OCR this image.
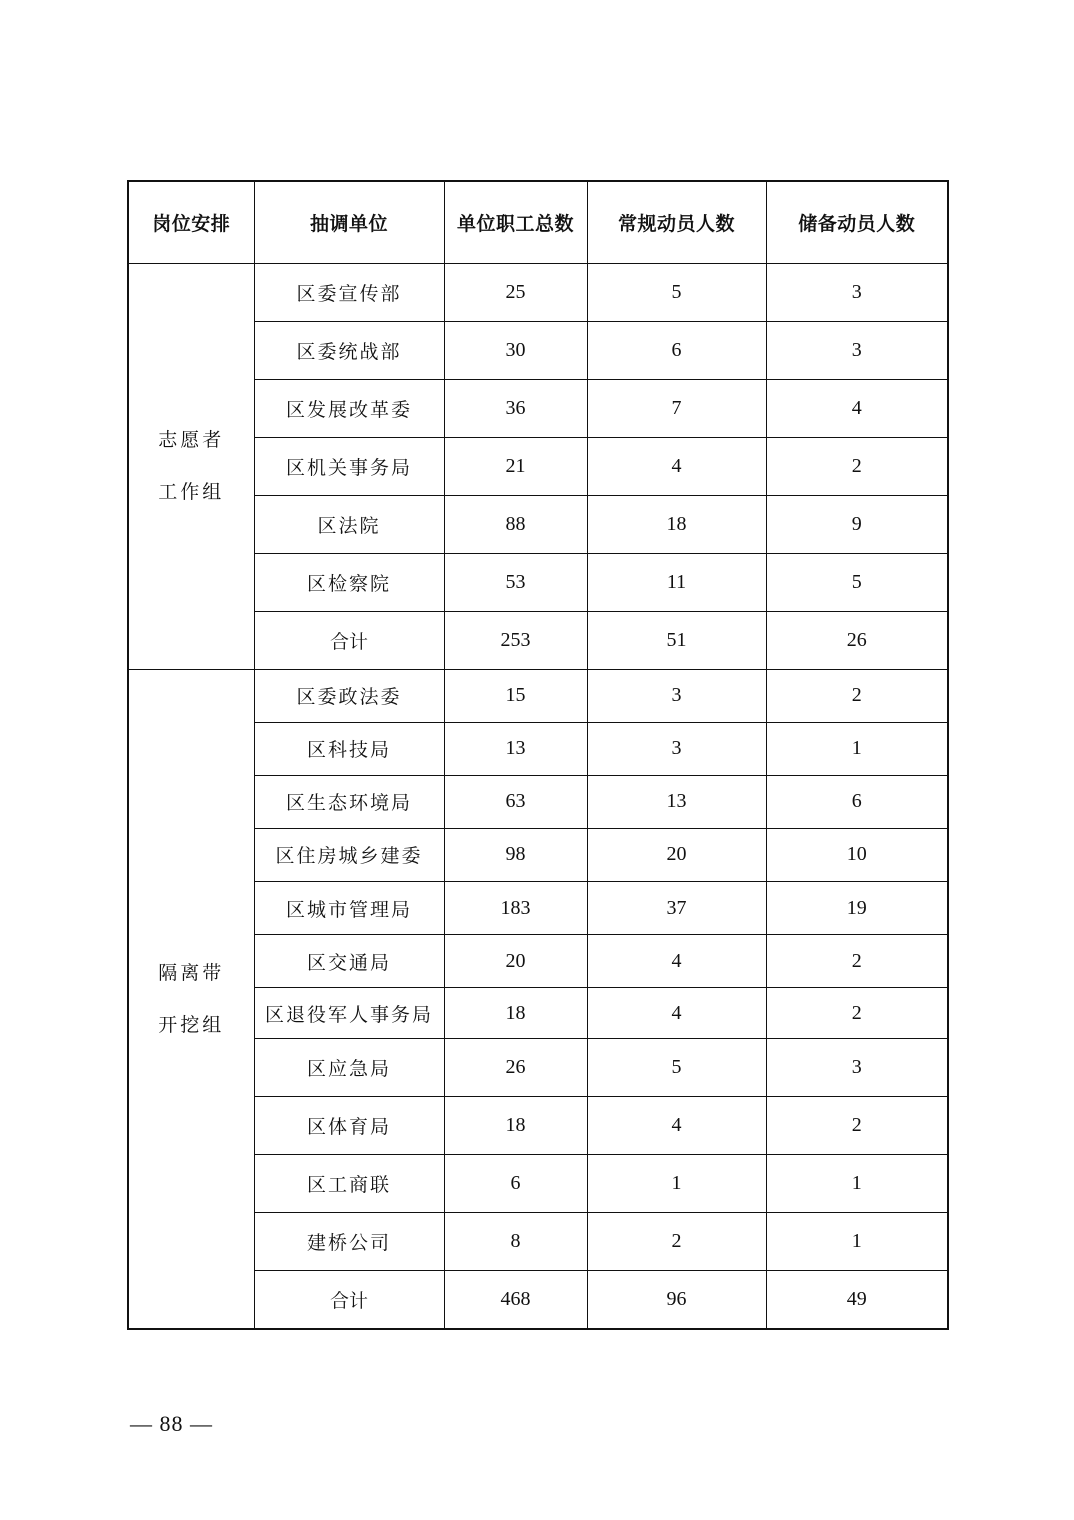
岗位安排	抽调单位	单位职工总数	常规动员人数	储备动员人数

志愿者
工作组	区委宣传部	25	5	3
	区委统战部	30	6	3
	区发展改革委	36	7	4
	区机关事务局	21	4	2
	区法院	88	18	9
	区检察院	53	11	5
	合计	253	51	26

隔离带
开挖组	区委政法委	15	3	2
	区科技局	13	3	1
	区生态环境局	63	13	6
	区住房城乡建委	98	20	10
	区城市管理局	183	37	19
	区交通局	20	4	2
	区退役军人事务局	18	4	2
	区应急局	26	5	3
	区体育局	18	4	2
	区工商联	6	1	1
	建桥公司	8	2	1
	合计	468	96	49
— 88 —
